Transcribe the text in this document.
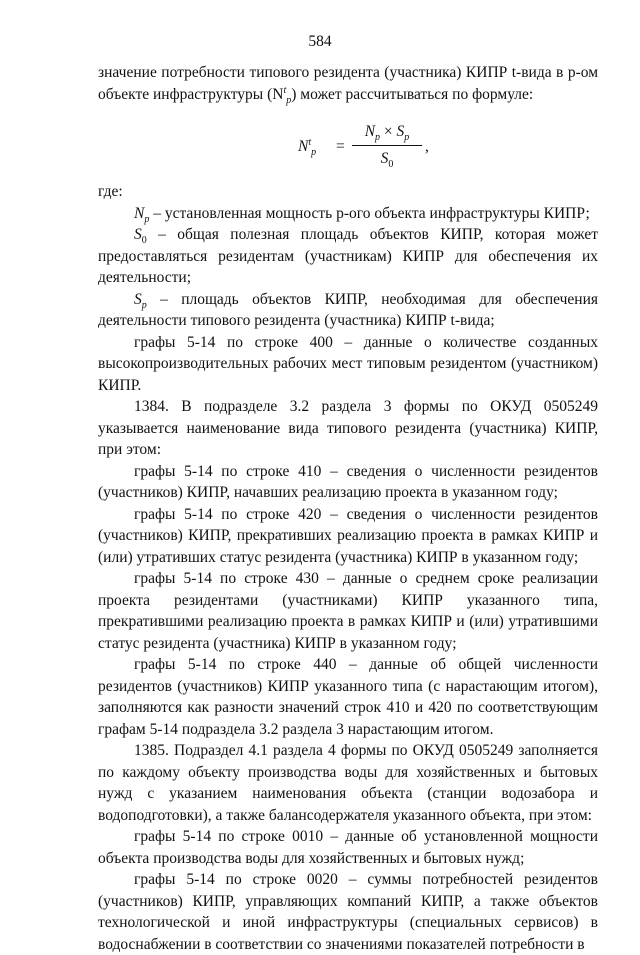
584

значение потребности типового резидента (участника) КИПР t-вида в р-ом объекте инфраструктуры $(N^t_p)$ может рассчитываться по формуле:

$N^t_p$ =
$N_p \times S_p$
$S_0$
,

где:

$N_p$ – установленная мощность р-ого объекта инфраструктуры КИПР;

$S_0$ – общая полезная площадь объектов КИПР, которая может предоставляться резидентам (участникам) КИПР для обеспечения их деятельности;

$S_p$ – площадь объектов КИПР, необходимая для обеспечения деятельности типового резидента (участника) КИПР t-вида;

графы 5-14 по строке 400 – данные о количестве созданных высокопроизводительных рабочих мест типовым резидентом (участником) КИПР.

1384. В подразделе 3.2 раздела 3 формы по ОКУД 0505249 указывается наименование вида типового резидента (участника) КИПР, при этом:

графы 5-14 по строке 410 – сведения о численности резидентов (участников) КИПР, начавших реализацию проекта в указанном году;

графы 5-14 по строке 420 – сведения о численности резидентов (участников) КИПР, прекративших реализацию проекта в рамках КИПР и (или) утративших статус резидента (участника) КИПР в указанном году;

графы 5-14 по строке 430 – данные о среднем сроке реализации проекта резидентами (участниками) КИПР указанного типа, прекратившими реализацию проекта в рамках КИПР и (или) утратившими статус резидента (участника) КИПР в указанном году;

графы 5-14 по строке 440 – данные об общей численности резидентов (участников) КИПР указанного типа (с нарастающим итогом), заполняются как разности значений строк 410 и 420 по соответствующим графам 5-14 подраздела 3.2 раздела 3 нарастающим итогом.

1385. Подраздел 4.1 раздела 4 формы по ОКУД 0505249 заполняется по каждому объекту производства воды для хозяйственных и бытовых нужд с указанием наименования объекта (станции водозабора и водоподготовки), а также балансодержателя указанного объекта, при этом:

графы 5-14 по строке 0010 – данные об установленной мощности объекта производства воды для хозяйственных и бытовых нужд;

графы 5-14 по строке 0020 – суммы потребностей резидентов (участников) КИПР, управляющих компаний КИПР, а также объектов технологической и иной инфраструктуры (специальных сервисов) в водоснабжении в соответствии со значениями показателей потребности в
